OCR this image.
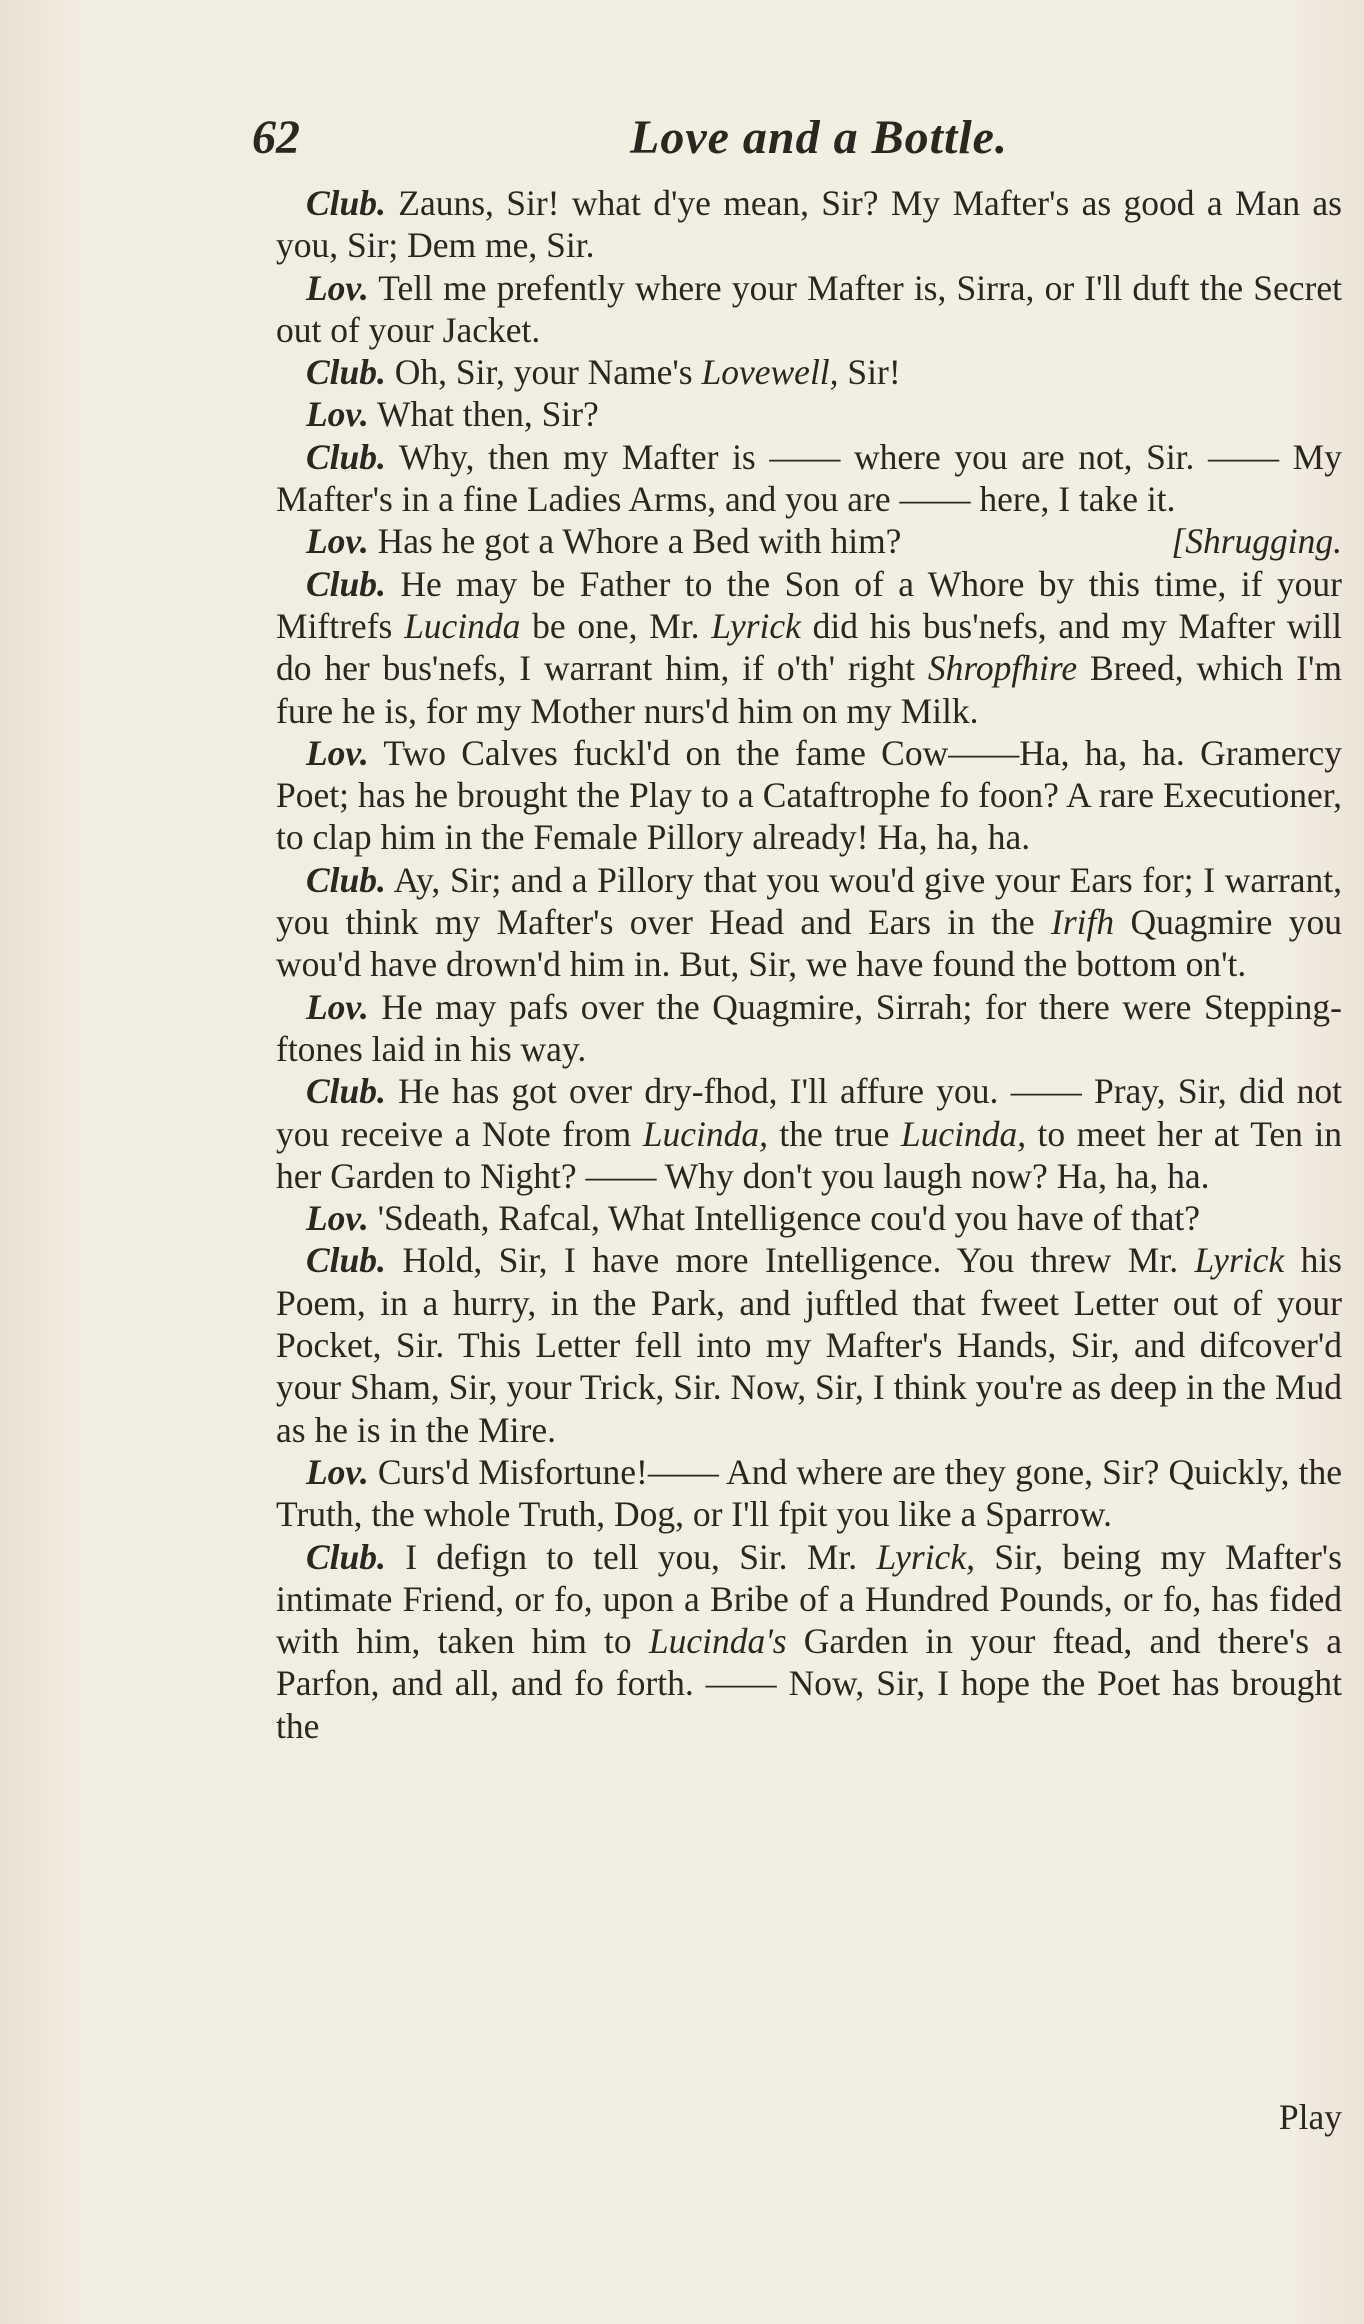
62	Love and a Bottle.

Club. Zauns, Sir! what d'ye mean, Sir? My Mafter's as good a Man as you, Sir; Dem me, Sir.

Lov. Tell me prefently where your Mafter is, Sirra, or I'll duft the Secret out of your Jacket.

Club. Oh, Sir, your Name's Lovewell, Sir!

Lov. What then, Sir?

Club. Why, then my Mafter is —— where you are not, Sir. —— My Mafter's in a fine Ladies Arms, and you are —— here, I take it.
[Shrugging.

Lov. Has he got a Whore a Bed with him?

Club. He may be Father to the Son of a Whore by this time, if your Miftrefs Lucinda be one, Mr. Lyrick did his bus'nefs, and my Mafter will do her bus'nefs, I warrant him, if o'th' right Shropfhire Breed, which I'm fure he is, for my Mother nurs'd him on my Milk.

Lov. Two Calves fuckl'd on the fame Cow——Ha, ha, ha. Gramercy Poet; has he brought the Play to a Cataftrophe fo foon? A rare Executioner, to clap him in the Female Pillory already! Ha, ha, ha.

Club. Ay, Sir; and a Pillory that you wou'd give your Ears for; I warrant, you think my Mafter's over Head and Ears in the Irifh Quagmire you wou'd have drown'd him in. But, Sir, we have found the bottom on't.

Lov. He may pafs over the Quagmire, Sirrah; for there were Stepping-ftones laid in his way.

Club. He has got over dry-fhod, I'll affure you. —— Pray, Sir, did not you receive a Note from Lucinda, the true Lucinda, to meet her at Ten in her Garden to Night? —— Why don't you laugh now? Ha, ha, ha.

Lov. 'Sdeath, Rafcal, What Intelligence cou'd you have of that?

Club. Hold, Sir, I have more Intelligence. You threw Mr. Lyrick his Poem, in a hurry, in the Park, and juftled that fweet Letter out of your Pocket, Sir. This Letter fell into my Mafter's Hands, Sir, and difcover'd your Sham, Sir, your Trick, Sir. Now, Sir, I think you're as deep in the Mud as he is in the Mire.

Lov. Curs'd Misfortune!—— And where are they gone, Sir? Quickly, the Truth, the whole Truth, Dog, or I'll fpit you like a Sparrow.

Club. I defign to tell you, Sir. Mr. Lyrick, Sir, being my Mafter's intimate Friend, or fo, upon a Bribe of a Hundred Pounds, or fo, has fided with him, taken him to Lucinda's Garden in your ftead, and there's a Parfon, and all, and fo forth. —— Now, Sir, I hope the Poet has brought the

Play
